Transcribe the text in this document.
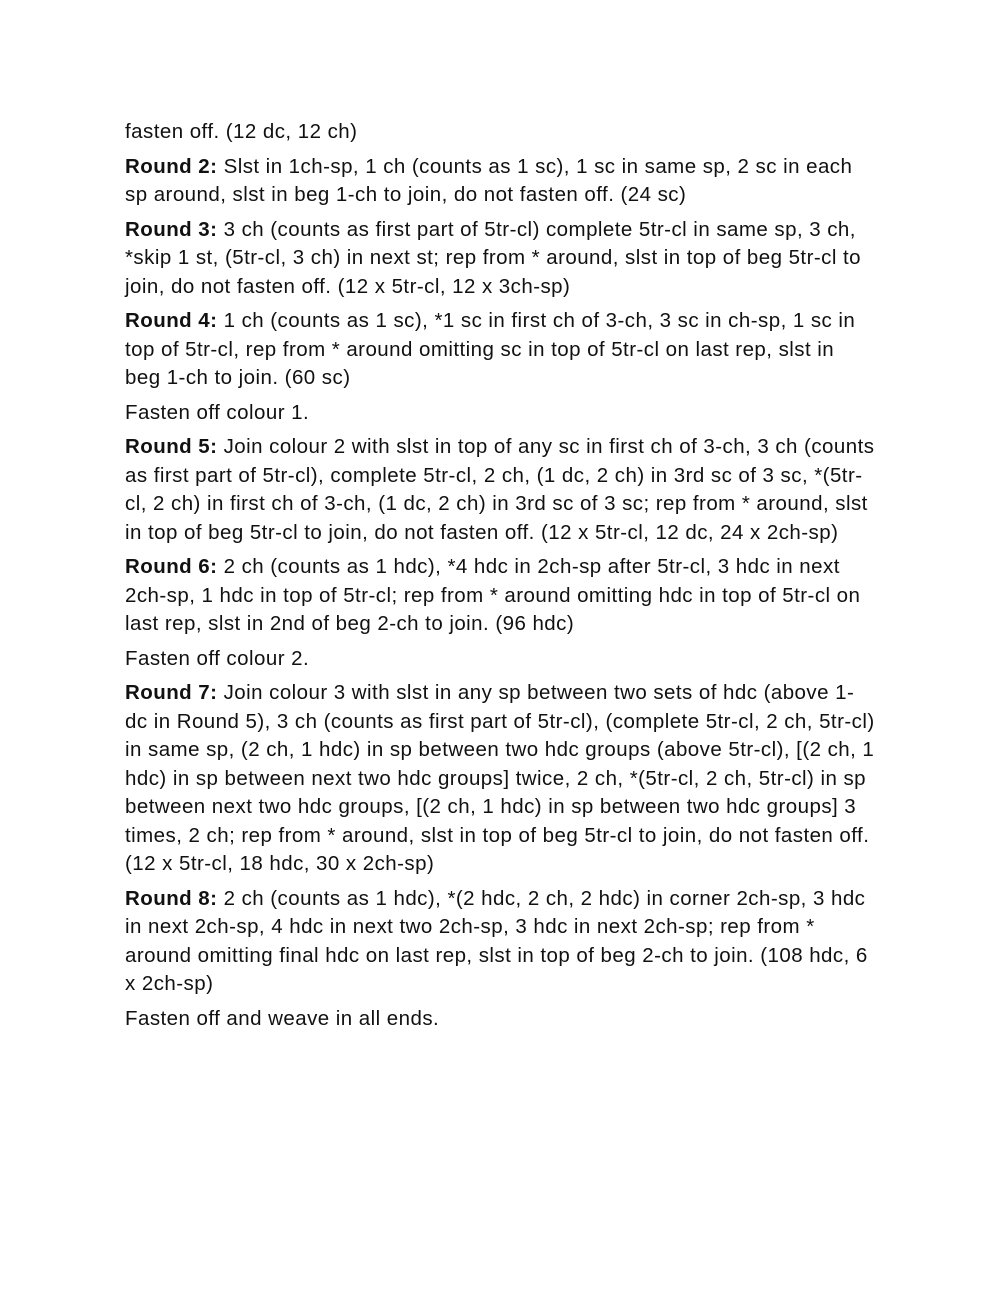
fasten off. (12 dc, 12 ch)

Round 2: Slst in 1ch-sp, 1 ch (counts as 1 sc), 1 sc in same sp, 2 sc in each sp around, slst in beg 1-ch to join, do not fasten off. (24 sc)

Round 3: 3 ch (counts as first part of 5tr-cl) complete 5tr-cl in same sp, 3 ch, *skip 1 st, (5tr-cl, 3 ch) in next st; rep from * around, slst in top of beg 5tr-cl to join, do not fasten off. (12 x 5tr-cl, 12 x 3ch-sp)

Round 4: 1 ch (counts as 1 sc), *1 sc in first ch of 3-ch, 3 sc in ch-sp, 1 sc in top of 5tr-cl, rep from * around omitting sc in top of 5tr-cl on last rep, slst in beg 1-ch to join. (60 sc)

Fasten off colour 1.

Round 5: Join colour 2 with slst in top of any sc in first ch of 3-ch, 3 ch (counts as first part of 5tr-cl), complete 5tr-cl, 2 ch, (1 dc, 2 ch) in 3rd sc of 3 sc, *(5tr-cl, 2 ch) in first ch of 3-ch, (1 dc, 2 ch) in 3rd sc of 3 sc; rep from * around, slst in top of beg 5tr-cl to join, do not fasten off. (12 x 5tr-cl, 12 dc, 24 x 2ch-sp)

Round 6: 2 ch (counts as 1 hdc), *4 hdc in 2ch-sp after 5tr-cl, 3 hdc in next 2ch-sp, 1 hdc in top of 5tr-cl; rep from * around omitting hdc in top of 5tr-cl on last rep, slst in 2nd of beg 2-ch to join. (96 hdc)

Fasten off colour 2.

Round 7: Join colour 3 with slst in any sp between two sets of hdc (above 1-dc in Round 5), 3 ch (counts as first part of 5tr-cl), (complete 5tr-cl, 2 ch, 5tr-cl) in same sp, (2 ch, 1 hdc) in sp between two hdc groups (above 5tr-cl), [(2 ch, 1 hdc) in sp between next two hdc groups] twice, 2 ch, *(5tr-cl, 2 ch, 5tr-cl) in sp between next two hdc groups, [(2 ch, 1 hdc) in sp between two hdc groups] 3 times, 2 ch; rep from * around, slst in top of beg 5tr-cl to join, do not fasten off. (12 x 5tr-cl, 18 hdc, 30 x 2ch-sp)

Round 8: 2 ch (counts as 1 hdc), *(2 hdc, 2 ch, 2 hdc) in corner 2ch-sp, 3 hdc in next 2ch-sp, 4 hdc in next two 2ch-sp, 3 hdc in next 2ch-sp; rep from * around omitting final hdc on last rep, slst in top of beg 2-ch to join. (108 hdc, 6 x 2ch-sp)

Fasten off and weave in all ends.
